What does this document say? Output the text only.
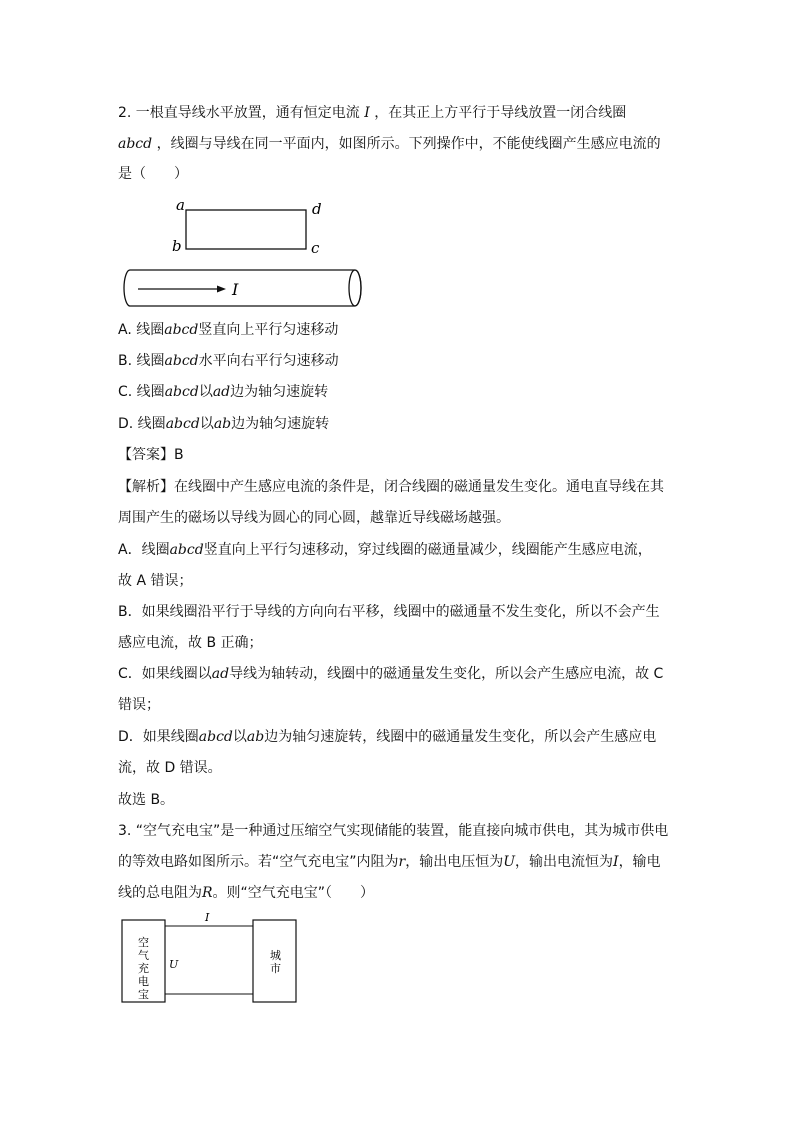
2. 一根直导线水平放置，通有恒定电流 I ，在其正上方平行于导线放置一闭合线圈
abcd ，线圈与导线在同一平面内，如图所示。下列操作中，不能使线圈产生感应电流的
是（　　）
a
b	c
d
I
A. 线圈abcd竖直向上平行匀速移动
B. 线圈abcd水平向右平行匀速移动
C. 线圈abcd以ad边为轴匀速旋转
D. 线圈abcd以ab边为轴匀速旋转
【答案】B
【解析】在线圈中产生感应电流的条件是，闭合线圈的磁通量发生变化。通电直导线在其
周围产生的磁场以导线为圆心的同心圆，越靠近导线磁场越强。
A．线圈abcd竖直向上平行匀速移动，穿过线圈的磁通量减少，线圈能产生感应电流，
故 A 错误；
B．如果线圈沿平行于导线的方向向右平移，线圈中的磁通量不发生变化，所以不会产生
感应电流，故 B 正确；
C．如果线圈以ad导线为轴转动，线圈中的磁通量发生变化，所以会产生感应电流，故 C
错误；
D．如果线圈abcd以ab边为轴匀速旋转，线圈中的磁通量发生变化，所以会产生感应电
流，故 D 错误。
故选 B。
3. “空气充电宝”是一种通过压缩空气实现储能的装置，能直接向城市供电，其为城市供电
的等效电路如图所示。若“空气充电宝”内阻为r，输出电压恒为U，输出电流恒为I，输电
线的总电阻为R。则“空气充电宝”（　　）
I
U
空
气
充
电
宝
城
市
